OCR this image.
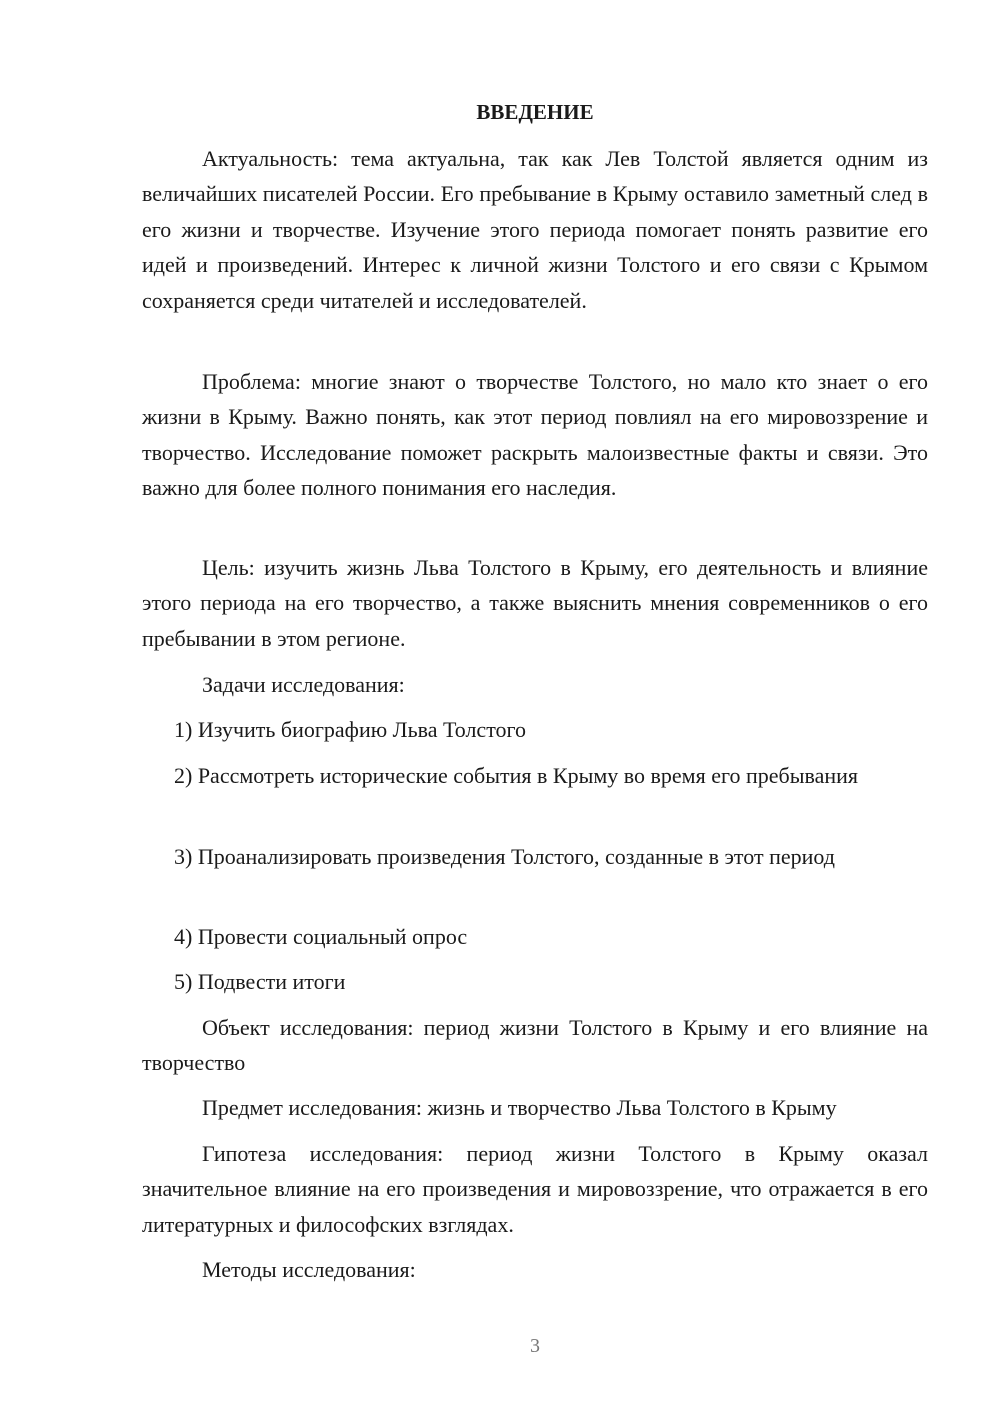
ВВЕДЕНИЕ

Актуальность: тема актуальна, так как Лев Толстой является одним из величайших писателей России. Его пребывание в Крыму оставило заметный след в его жизни и творчестве. Изучение этого периода помогает понять развитие его идей и произведений. Интерес к личной жизни Толстого и его связи с Крымом сохраняется среди читателей и исследователей.

Проблема: многие знают о творчестве Толстого, но мало кто знает о его жизни в Крыму. Важно понять, как этот период повлиял на его мировоззрение и творчество. Исследование поможет раскрыть малоизвестные факты и связи. Это важно для более полного понимания его наследия.

Цель: изучить жизнь Льва Толстого в Крыму, его деятельность и влияние этого периода на его творчество, а также выяснить мнения современников о его пребывании в этом регионе.

Задачи исследования:

1) Изучить биографию Льва Толстого

2) Рассмотреть исторические события в Крыму во время его пребывания

3) Проанализировать произведения Толстого, созданные в этот период

4) Провести социальный опрос

5) Подвести итоги

Объект исследования: период жизни Толстого в Крыму и его влияние на творчество

Предмет исследования: жизнь и творчество Льва Толстого в Крыму

Гипотеза исследования: период жизни Толстого в Крыму оказал значительное влияние на его произведения и мировоззрение, что отражается в его литературных и философских взглядах.

Методы исследования:

3
